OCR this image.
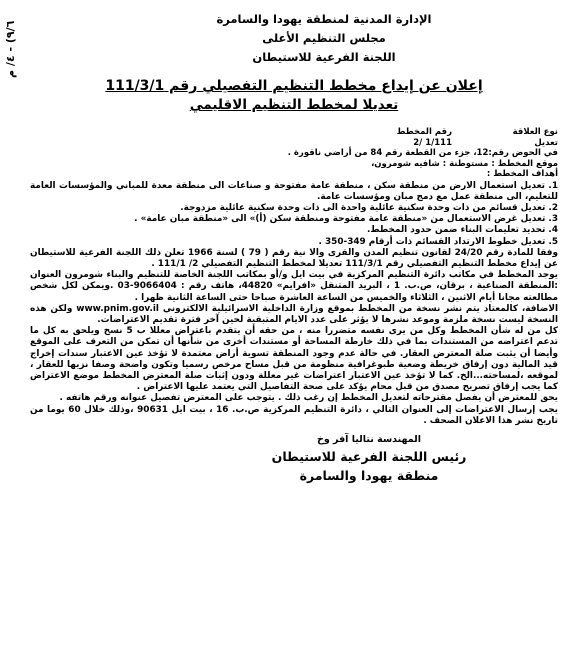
٩/٦) - ٤/ م
الإدارة المدنية لمنطقة يهودا والسامرة
مجلس التنظيم الأعلى
اللجنة الفرعية للاستيطان
إعلان عن إيداع مخطط التنظيم التفصيلي رقم 111/3/1
تعديلا لمخطط التنظيم الاقليمي
نوع العلاقة
رقم المخطط
تعديل
1/111 /2
في الحوض رقم:12، جزء من القطعة رقم 84 من أراضي ناقورة .
موقع المخطط : مستوطنة : شافيه شومرون،
أهداف المخطط :

1. تعديل استعمال الارض من منطقة سكن ، منطقة عامة مفتوحة و صناعات الى منطقة معدة للمباني والمؤسسات العامة للتعليم، الى منطقة عمل مع دمج مبان ومؤسسات عامة.

2. تعديل قسائم من ذات وحدة سكنية عائلية واحدة الى ذات وحدة سكنية عائلية مزدوجة.

3. تعديل غرض الاستعمال من «منطقة عامة مفتوحة ومنطقة سكن (أ)» الى «منطقة مبان عامة» .

4. تحديد تعليمات البناء ضمن حدود المخطط.

5. تعديل خطوط الارتداد القسائم ذات أرقام 349-350 .

وفقا للمادة رقم 24/20 لقانون تنظيم المدن والقرى والا نية رقم ( 79 ) لسنة 1966 تعلن ذلك اللجنة الفرعية للاستيطان عن إيداع مخطط التنظيم التفصيلي رقم 111/3/1 تعديلا لمخطط التنظيم التفصيلي 2/ 111/1 .

يوجد المخطط في مكاتب دائرة التنظيم المركزية في بيت ايل و/أو بمكاتب اللجنة الخاصة للتنظيم والبناء شومرون العنوان :المنطقة الصناعية ، برقان، ص.ب. 1 ، البريد المتنقل «افرايم» 44820، هاتف رقم : 9066404-03 .ويمكن لكل شخص مطالعته مجانا أيام الاثنين ، الثلاثاء والخميس من الساعة العاشرة صباحا حتى الساعة الثانية ظهرا .

الاضافة، كالمعتاد يتم نشر نسخة من المخطط بموقع وزارة الداخلية الاسرائيلية الالكتروني www.pnim.gov.il ولكن هذه النسخة ليست نسخة ملزمة وموعد نشرها لا يؤثر على عدد الايام المتبقية لحين آخر فترة تقديم الاعتراضات.

كل من له شأن المخطط وكل من يرى نفسه متضررا منه ، من حقه أن يتقدم باعتراض معللا ب 5 نسخ ويلحق به كل ما تدعم اعتراضه من المستندات بما في ذلك خارطة المساحة أو مستندات أخرى من شأنها أن تمكن من التعرف على الموقع وأيضا أن يثبت صلة المعترض العقار. في حالة عدم وجود المنطقة تسوية أراض معتمدة لا تؤخذ عين الاعتبار سندات إخراج قيد المالية دون إرفاق خريطة وضعية طبوغرافية منظومة من قبل مساح مرخص رسميا وتكون واضحة وصفا نزيها للعقار ، لموقعه ،لمساحته...الخ. كما لا تؤخذ عين الاعتبار اعتراضات غير معللة ودون إثبات صلة المعترض المخطط موضع الاعتراض كما يجب إرفاق تصريح مصدق من قبل محام يؤكد على صحة التفاصيل التي يعتمد عليها الاعتراض .

يحق للمعترض أن يفصل مقترحاته لتعديل المخطط إن رغب ذلك . يتوجب على المعترض تفصيل عنوانه ورقم هاتفه .

يجب إرسال الاعتراضات إلى العنوان التالي ، دائرة التنظيم المركزية ص.ب. 16 ، بيت ايل 90631 ،وذلك خلال 60 يوما من تاريخ نشر هذا الاعلان الصحف .

المهندسة نتاليا آفر وخ
رئيس اللجنة الفرعية للاستيطان
منطقة يهودا والسامرة
